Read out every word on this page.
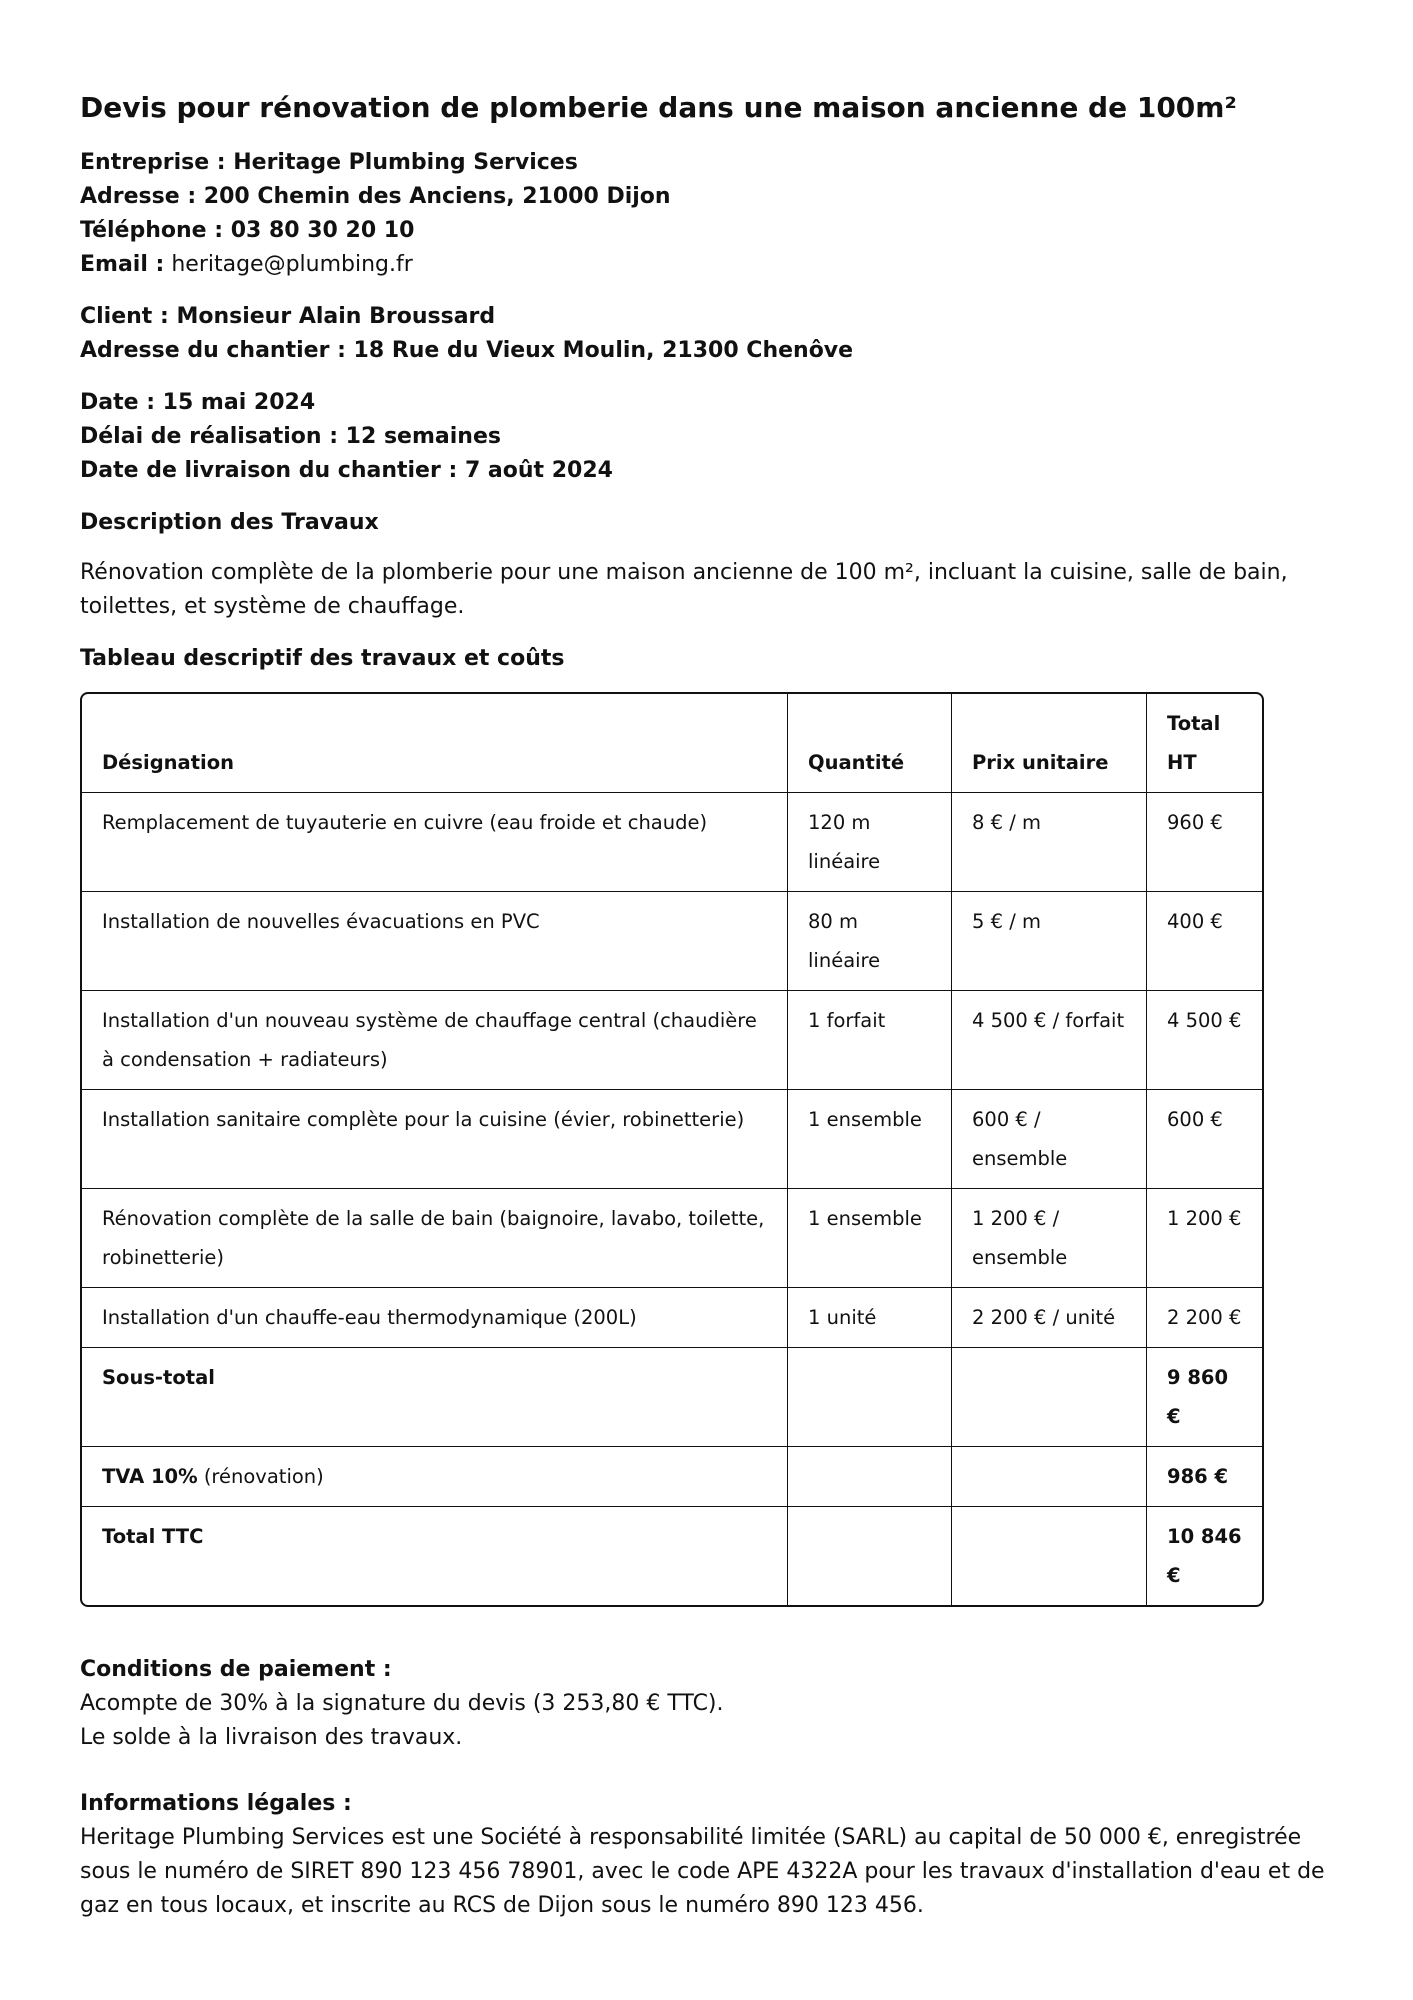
Devis pour rénovation de plomberie dans une maison ancienne de 100m²
Entreprise : Heritage Plumbing Services
Adresse : 200 Chemin des Anciens, 21000 Dijon
Téléphone : 03 80 30 20 10
Email : heritage@plumbing.fr
Client : Monsieur Alain Broussard
Adresse du chantier : 18 Rue du Vieux Moulin, 21300 Chenôve
Date : 15 mai 2024
Délai de réalisation : 12 semaines
Date de livraison du chantier : 7 août 2024
Description des Travaux
Rénovation complète de la plomberie pour une maison ancienne de 100 m², incluant la cuisine, salle de bain, toilettes, et système de chauffage.
Tableau descriptif des travaux et coûts
Désignation	Quantité	Prix unitaire	Total HT
Remplacement de tuyauterie en cuivre (eau froide et chaude)	120 m linéaire	8 € / m	960 €
Installation de nouvelles évacuations en PVC	80 m linéaire	5 € / m	400 €
Installation d'un nouveau système de chauffage central (chaudière à condensation + radiateurs)	1 forfait	4 500 € / forfait	4 500 €
Installation sanitaire complète pour la cuisine (évier, robinetterie)	1 ensemble	600 € / ensemble	600 €
Rénovation complète de la salle de bain (baignoire, lavabo, toilette, robinetterie)	1 ensemble	1 200 € / ensemble	1 200 €
Installation d'un chauffe-eau thermodynamique (200L)	1 unité	2 200 € / unité	2 200 €
Sous-total			9 860 €
TVA 10% (rénovation)			986 €
Total TTC			10 846 €
Conditions de paiement :
Acompte de 30% à la signature du devis (3 253,80 € TTC).
Le solde à la livraison des travaux.
Informations légales :
Heritage Plumbing Services est une Société à responsabilité limitée (SARL) au capital de 50 000 €, enregistrée sous le numéro de SIRET 890 123 456 78901, avec le code APE 4322A pour les travaux d'installation d'eau et de gaz en tous locaux, et inscrite au RCS de Dijon sous le numéro 890 123 456.
